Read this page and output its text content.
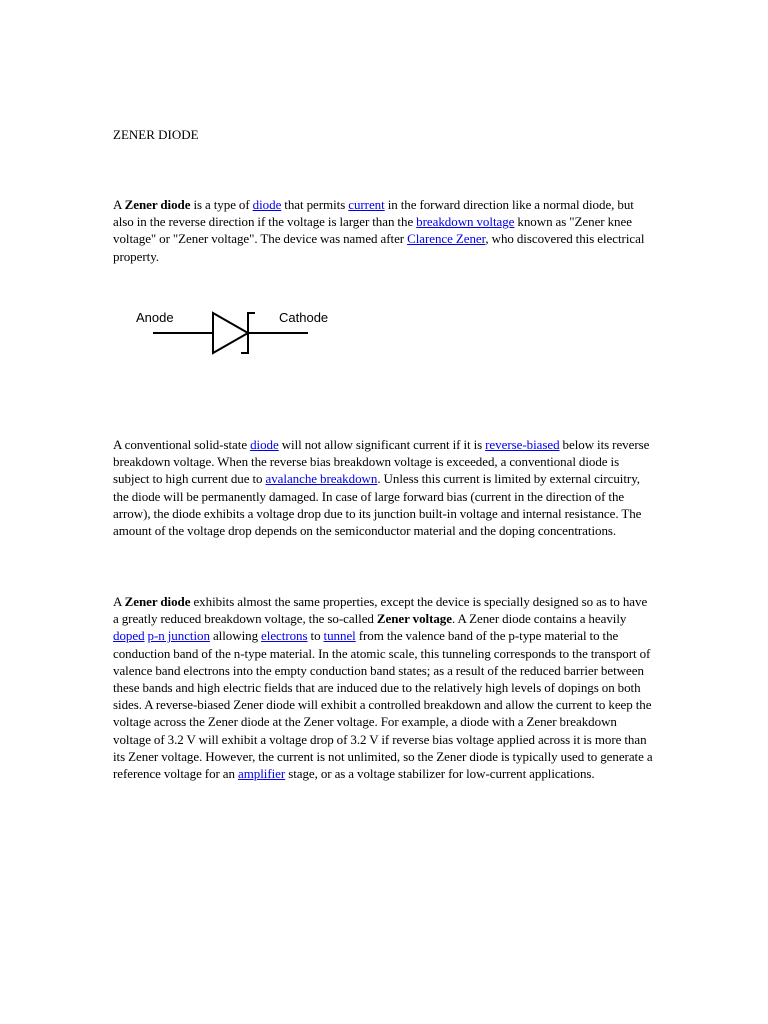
ZENER DIODE

A Zener diode is a type of diode that permits current in the forward direction like a normal diode, but also in the reverse direction if the voltage is larger than the breakdown voltage known as "Zener knee voltage" or "Zener voltage". The device was named after Clarence Zener, who discovered this electrical property.

Anode	Cathode

A conventional solid-state diode will not allow significant current if it is reverse-biased below its reverse breakdown voltage. When the reverse bias breakdown voltage is exceeded, a conventional diode is subject to high current due to avalanche breakdown. Unless this current is limited by external circuitry, the diode will be permanently damaged. In case of large forward bias (current in the direction of the arrow), the diode exhibits a voltage drop due to its junction built-in voltage and internal resistance. The amount of the voltage drop depends on the semiconductor material and the doping concentrations.

A Zener diode exhibits almost the same properties, except the device is specially designed so as to have a greatly reduced breakdown voltage, the so-called Zener voltage. A Zener diode contains a heavily doped p-n junction allowing electrons to tunnel from the valence band of the p-type material to the conduction band of the n-type material. In the atomic scale, this tunneling corresponds to the transport of valence band electrons into the empty conduction band states; as a result of the reduced barrier between these bands and high electric fields that are induced due to the relatively high levels of dopings on both sides. A reverse-biased Zener diode will exhibit a controlled breakdown and allow the current to keep the voltage across the Zener diode at the Zener voltage. For example, a diode with a Zener breakdown voltage of 3.2 V will exhibit a voltage drop of 3.2 V if reverse bias voltage applied across it is more than its Zener voltage. However, the current is not unlimited, so the Zener diode is typically used to generate a reference voltage for an amplifier stage, or as a voltage stabilizer for low-current applications.
